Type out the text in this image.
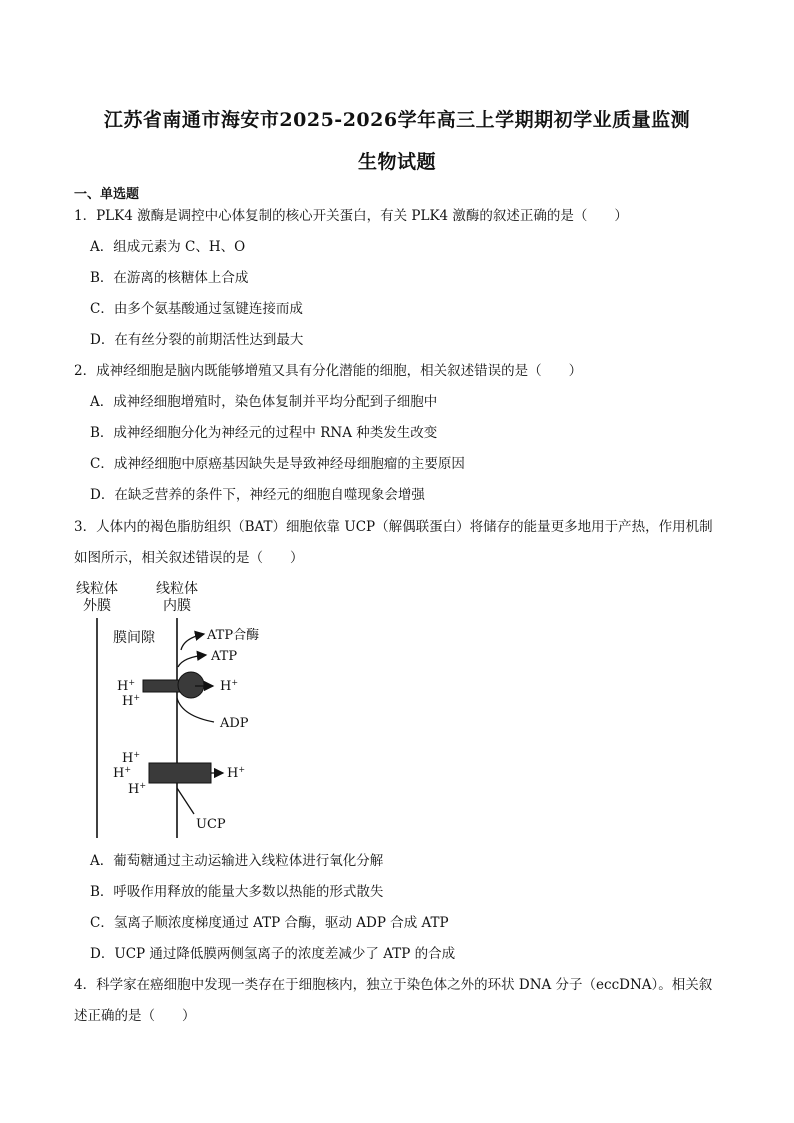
江苏省南通市海安市2025-2026学年高三上学期期初学业质量监测
生物试题
一、单选题
1．PLK4 激酶是调控中心体复制的核心开关蛋白，有关 PLK4 激酶的叙述正确的是（　　）
A．组成元素为 C、H、O
B．在游离的核糖体上合成
C．由多个氨基酸通过氢键连接而成
D．在有丝分裂的前期活性达到最大
2．成神经细胞是脑内既能够增殖又具有分化潜能的细胞，相关叙述错误的是（　　）
A．成神经细胞增殖时，染色体复制并平均分配到子细胞中
B．成神经细胞分化为神经元的过程中 RNA 种类发生改变
C．成神经细胞中原癌基因缺失是导致神经母细胞瘤的主要原因
D．在缺乏营养的条件下，神经元的细胞自噬现象会增强
3．人体内的褐色脂肪组织（BAT）细胞依靠 UCP（解偶联蛋白）将储存的能量更多地用于产热，作用机制
如图所示，相关叙述错误的是（　　）
线粒体
外膜
线粒体
内膜
膜间隙	ATP合酶
ATP
H+
H+
H+
ADP
H+
H+
H+
H+
UCP
A．葡萄糖通过主动运输进入线粒体进行氧化分解
B．呼吸作用释放的能量大多数以热能的形式散失
C．氢离子顺浓度梯度通过 ATP 合酶，驱动 ADP 合成 ATP
D．UCP 通过降低膜两侧氢离子的浓度差减少了 ATP 的合成
4．科学家在癌细胞中发现一类存在于细胞核内，独立于染色体之外的环状 DNA 分子（eccDNA）。相关叙
述正确的是（　　）
